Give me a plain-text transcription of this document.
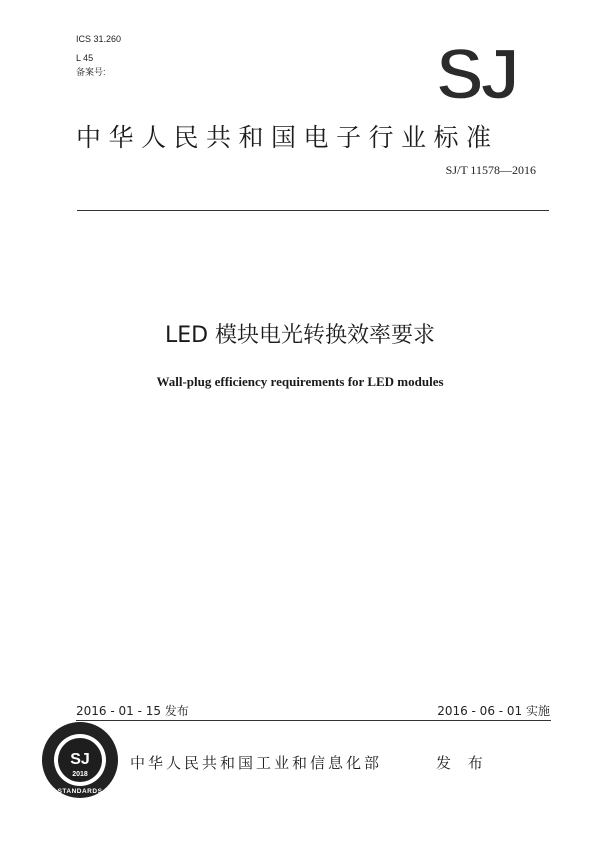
ICS 31.260
L 45
备案号:	SJ
中华人民共和国电子行业标准
SJ/T 11578—2016
LED 模块电光转换效率要求
Wall-plug efficiency requirements for LED modules
2016 - 01 - 15 发布	2016 - 06 - 01 实施
SJ
2018
STANDARDS
中华人民共和国工业和信息化部	发 布
